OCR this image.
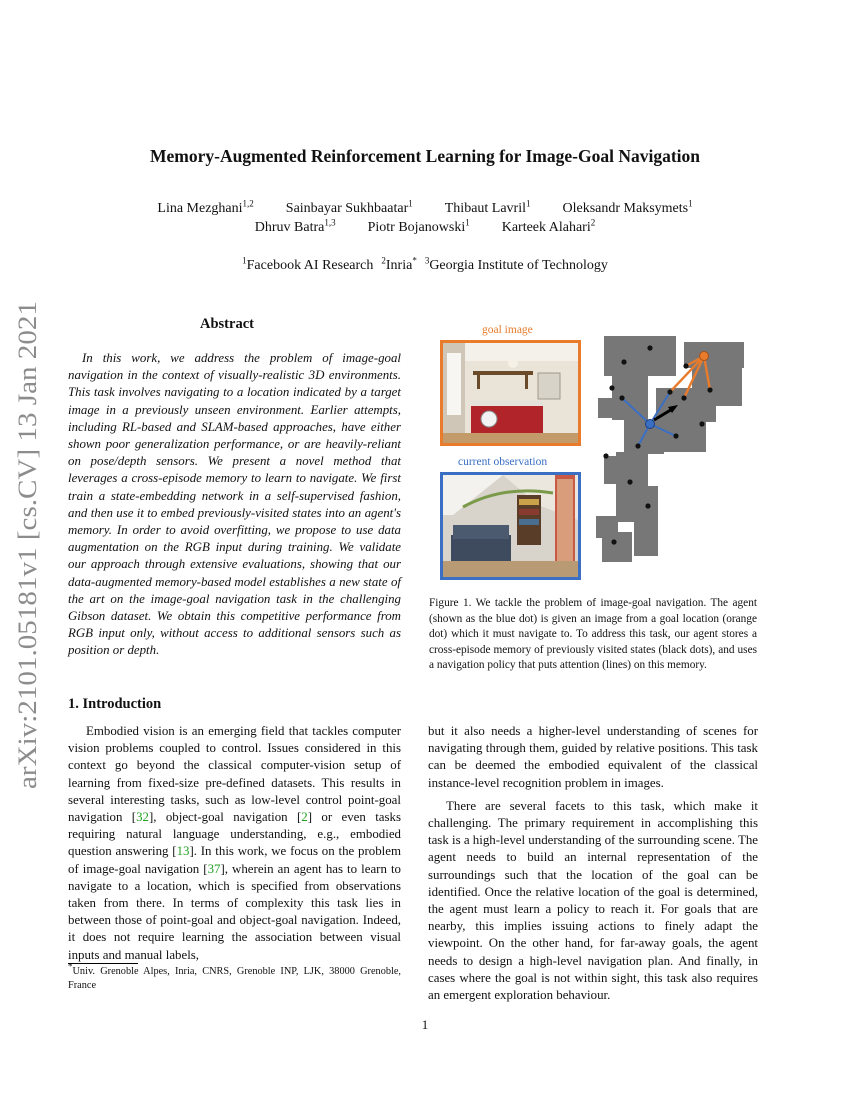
arXiv:2101.05181v1 [cs.CV] 13 Jan 2021
Memory-Augmented Reinforcement Learning for Image-Goal Navigation
Lina Mezghani$^{1,2}$ Sainbayar Sukhbaatar$^1$ Thibaut Lavril$^1$ Oleksandr Maksymets$^1$
Dhruv Batra$^{1,3}$ Piotr Bojanowski$^1$ Karteek Alahari$^2$
$^1$Facebook AI Research $^2$Inria* $^3$Georgia Institute of Technology
Abstract
In this work, we address the problem of image-goal navigation in the context of visually-realistic 3D environments. This task involves navigating to a location indicated by a target image in a previously unseen environment. Earlier attempts, including RL-based and SLAM-based approaches, have either shown poor generalization performance, or are heavily-reliant on pose/depth sensors. We present a novel method that leverages a cross-episode memory to learn to navigate. We first train a state-embedding network in a self-supervised fashion, and then use it to embed previously-visited states into an agent's memory. In order to avoid overfitting, we propose to use data augmentation on the RGB input during training. We validate our approach through extensive evaluations, showing that our data-augmented memory-based model establishes a new state of the art on the image-goal navigation task in the challenging Gibson dataset. We obtain this competitive performance from RGB input only, without access to additional sensors such as position or depth.
1. Introduction

Embodied vision is an emerging field that tackles computer vision problems coupled to control. Issues considered in this context go beyond the classical computer-vision setup of learning from fixed-size pre-defined datasets. This results in several interesting tasks, such as low-level control point-goal navigation [32], object-goal navigation [2] or even tasks requiring natural language understanding, e.g., embodied question answering [13]. In this work, we focus on the problem of image-goal navigation [37], wherein an agent has to learn to navigate to a location, which is specified from observations taken from there. In terms of complexity this task lies in between those of point-goal and object-goal navigation. Indeed, it does not require learning the association between visual inputs and manual labels,

but it also needs a higher-level understanding of scenes for navigating through them, guided by relative positions. This task can be deemed the embodied equivalent of the classical instance-level recognition problem in images.

There are several facets to this task, which make it challenging. The primary requirement in accomplishing this task is a high-level understanding of the surrounding scene. The agent needs to build an internal representation of the surroundings such that the location of the goal can be identified. Once the relative location of the goal is determined, the agent must learn a policy to reach it. For goals that are nearby, this implies issuing actions to finely adapt the viewpoint. On the other hand, for far-away goals, the agent needs to design a high-level navigation plan. And finally, in cases where the goal is not within sight, this task also requires an emergent exploration behaviour.

*Univ. Grenoble Alpes, Inria, CNRS, Grenoble INP, LJK, 38000 Grenoble, France
goal image
current observation
Figure 1. We tackle the problem of image-goal navigation. The agent (shown as the blue dot) is given an image from a goal location (orange dot) which it must navigate to. To address this task, our agent stores a cross-episode memory of previously visited states (black dots), and uses a navigation policy that puts attention (lines) on this memory.
1
